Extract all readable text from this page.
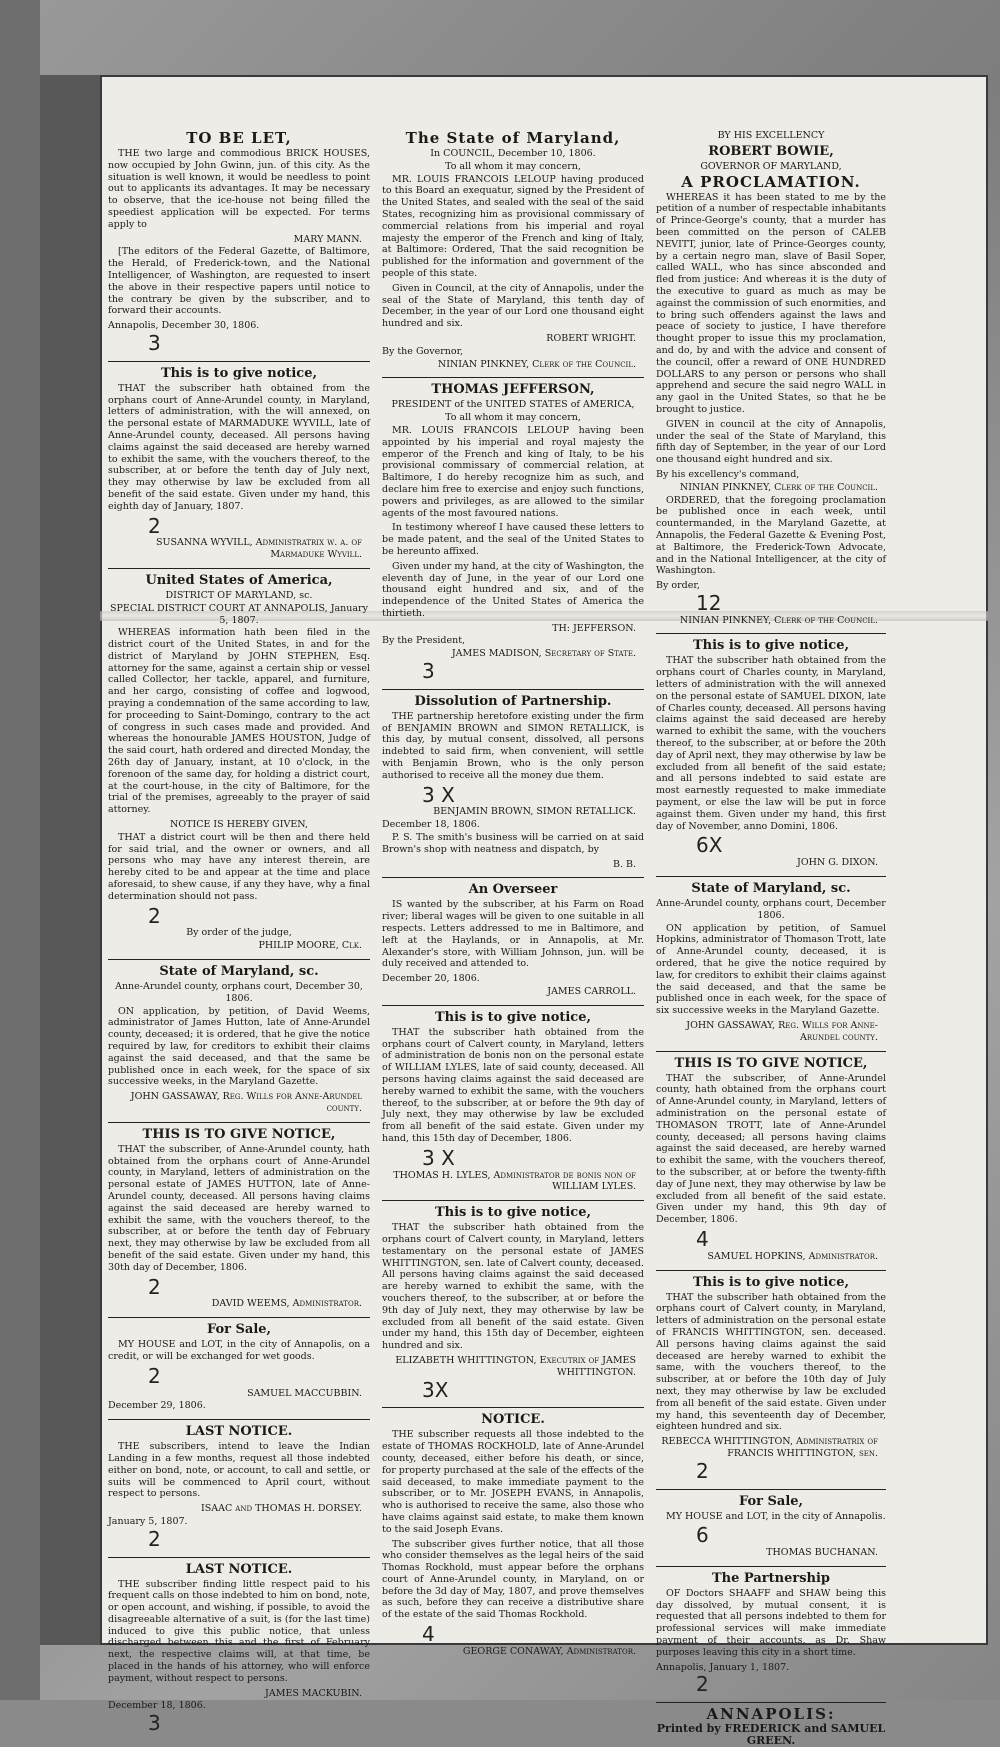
TO BE LET,
THE two large and commodious BRICK HOUSES, now occupied by John Gwinn, jun. of this city. As the situation is well known, it would be needless to point out to applicants its advantages. It may be necessary to observe, that the ice-house not being filled the speediest application will be expected. For terms apply to
MARY MANN.
[The editors of the Federal Gazette, of Baltimore, the Herald, of Frederick-town, and the National Intelligencer, of Washington, are requested to insert the above in their respective papers until notice to the contrary be given by the subscriber, and to forward their accounts.
Annapolis, December 30, 1806.
3
This is to give notice,
THAT the subscriber hath obtained from the orphans court of Anne-Arundel county, in Maryland, letters of administration, with the will annexed, on the personal estate of MARMADUKE WYVILL, late of Anne-Arundel county, deceased. All persons having claims against the said deceased are hereby warned to exhibit the same, with the vouchers thereof, to the subscriber, at or before the tenth day of July next, they may otherwise by law be excluded from all benefit of the said estate. Given under my hand, this eighth day of January, 1807.
2
SUSANNA WYVILL, Administratrix w. a. of Marmaduke Wyvill.
United States of America,
DISTRICT OF MARYLAND, sc.
SPECIAL DISTRICT COURT AT ANNAPOLIS, January 5, 1807.
WHEREAS information hath been filed in the district court of the United States, in and for the district of Maryland by JOHN STEPHEN, Esq. attorney for the same, against a certain ship or vessel called Collector, her tackle, apparel, and furniture, and her cargo, consisting of coffee and logwood, praying a condemnation of the same according to law, for proceeding to Saint-Domingo, contrary to the act of congress in such cases made and provided. And whereas the honourable JAMES HOUSTON, Judge of the said court, hath ordered and directed Monday, the 26th day of January, instant, at 10 o'clock, in the forenoon of the same day, for holding a district court, at the court-house, in the city of Baltimore, for the trial of the premises, agreeably to the prayer of said attorney.
NOTICE IS HEREBY GIVEN,
THAT a district court will be then and there held for said trial, and the owner or owners, and all persons who may have any interest therein, are hereby cited to be and appear at the time and place aforesaid, to shew cause, if any they have, why a final determination should not pass.
2
By order of the judge,
PHILIP MOORE, Clk.
State of Maryland, sc.
Anne-Arundel county, orphans court, December 30, 1806.
ON application, by petition, of David Weems, administrator of James Hutton, late of Anne-Arundel county, deceased; it is ordered, that he give the notice required by law, for creditors to exhibit their claims against the said deceased, and that the same be published once in each week, for the space of six successive weeks, in the Maryland Gazette.
JOHN GASSAWAY, Reg. Wills for Anne-Arundel county.
THIS IS TO GIVE NOTICE,
THAT the subscriber, of Anne-Arundel county, hath obtained from the orphans court of Anne-Arundel county, in Maryland, letters of administration on the personal estate of JAMES HUTTON, late of Anne-Arundel county, deceased. All persons having claims against the said deceased are hereby warned to exhibit the same, with the vouchers thereof, to the subscriber, at or before the tenth day of February next, they may otherwise by law be excluded from all benefit of the said estate. Given under my hand, this 30th day of December, 1806.
2
DAVID WEEMS, Administrator.
For Sale,
MY HOUSE and LOT, in the city of Annapolis, on a credit, or will be exchanged for wet goods.
2
SAMUEL MACCUBBIN.
December 29, 1806.
LAST NOTICE.
THE subscribers, intend to leave the Indian Landing in a few months, request all those indebted either on bond, note, or account, to call and settle, or suits will be commenced to April court, without respect to persons.
ISAAC and THOMAS H. DORSEY.
January 5, 1807.
2
LAST NOTICE.
THE subscriber finding little respect paid to his frequent calls on those indebted to him on bond, note, or open account, and wishing, if possible, to avoid the disagreeable alternative of a suit, is (for the last time) induced to give this public notice, that unless discharged between this and the first of February next, the respective claims will, at that time, be placed in the hands of his attorney, who will enforce payment, without respect to persons.
JAMES MACKUBIN.
December 18, 1806.
3
The State of Maryland,
In COUNCIL, December 10, 1806.
To all whom it may concern,
MR. LOUIS FRANCOIS LELOUP having produced to this Board an exequatur, signed by the President of the United States, and sealed with the seal of the said States, recognizing him as provisional commissary of commercial relations from his imperial and royal majesty the emperor of the French and king of Italy, at Baltimore: Ordered, That the said recognition be published for the information and government of the people of this state.
Given in Council, at the city of Annapolis, under the seal of the State of Maryland, this tenth day of December, in the year of our Lord one thousand eight hundred and six.
ROBERT WRIGHT.
By the Governor,
NINIAN PINKNEY, Clerk of the Council.
THOMAS JEFFERSON,
PRESIDENT of the UNITED STATES of AMERICA,
To all whom it may concern,
MR. LOUIS FRANCOIS LELOUP having been appointed by his imperial and royal majesty the emperor of the French and king of Italy, to be his provisional commissary of commercial relation, at Baltimore, I do hereby recognize him as such, and declare him free to exercise and enjoy such functions, powers and privileges, as are allowed to the similar agents of the most favoured nations.
In testimony whereof I have caused these letters to be made patent, and the seal of the United States to be hereunto affixed.
Given under my hand, at the city of Washington, the eleventh day of June, in the year of our Lord one thousand eight hundred and six, and of the independence of the United States of America the thirtieth.
TH: JEFFERSON.
By the President,
JAMES MADISON, Secretary of State.
3
Dissolution of Partnership.
THE partnership heretofore existing under the firm of BENJAMIN BROWN and SIMON RETALLICK, is this day, by mutual consent, dissolved, all persons indebted to said firm, when convenient, will settle with Benjamin Brown, who is the only person authorised to receive all the money due them.
3 X
BENJAMIN BROWN, SIMON RETALLICK.
December 18, 1806.
P. S. The smith's business will be carried on at said Brown's shop with neatness and dispatch, by
B. B.
An Overseer
IS wanted by the subscriber, at his Farm on Road river; liberal wages will be given to one suitable in all respects. Letters addressed to me in Baltimore, and left at the Haylands, or in Annapolis, at Mr. Alexander's store, with William Johnson, jun. will be duly received and attended to.
December 20, 1806.
JAMES CARROLL.
This is to give notice,
THAT the subscriber hath obtained from the orphans court of Calvert county, in Maryland, letters of administration de bonis non on the personal estate of WILLIAM LYLES, late of said county, deceased. All persons having claims against the said deceased are hereby warned to exhibit the same, with the vouchers thereof, to the subscriber, at or before the 9th day of July next, they may otherwise by law be excluded from all benefit of the said estate. Given under my hand, this 15th day of December, 1806.
3 X
THOMAS H. LYLES, Administrator de bonis non of WILLIAM LYLES.
This is to give notice,
THAT the subscriber hath obtained from the orphans court of Calvert county, in Maryland, letters testamentary on the personal estate of JAMES WHITTINGTON, sen. late of Calvert county, deceased. All persons having claims against the said deceased are hereby warned to exhibit the same, with the vouchers thereof, to the subscriber, at or before the 9th day of July next, they may otherwise by law be excluded from all benefit of the said estate. Given under my hand, this 15th day of December, eighteen hundred and six.
ELIZABETH WHITTINGTON, Executrix of JAMES WHITTINGTON.
3X
NOTICE.
THE subscriber requests all those indebted to the estate of THOMAS ROCKHOLD, late of Anne-Arundel county, deceased, either before his death, or since, for property purchased at the sale of the effects of the said deceased, to make immediate payment to the subscriber, or to Mr. JOSEPH EVANS, in Annapolis, who is authorised to receive the same, also those who have claims against said estate, to make them known to the said Joseph Evans.
The subscriber gives further notice, that all those who consider themselves as the legal heirs of the said Thomas Rockhold, must appear before the orphans court of Anne-Arundel county, in Maryland, on or before the 3d day of May, 1807, and prove themselves as such, before they can receive a distributive share of the estate of the said Thomas Rockhold.
4
GEORGE CONAWAY, Administrator.
BY HIS EXCELLENCY
ROBERT BOWIE,
GOVERNOR OF MARYLAND,
A PROCLAMATION.
WHEREAS it has been stated to me by the petition of a number of respectable inhabitants of Prince-George's county, that a murder has been committed on the person of CALEB NEVITT, junior, late of Prince-Georges county, by a certain negro man, slave of Basil Soper, called WALL, who has since absconded and fled from justice: And whereas it is the duty of the executive to guard as much as may be against the commission of such enormities, and to bring such offenders against the laws and peace of society to justice, I have therefore thought proper to issue this my proclamation, and do, by and with the advice and consent of the council, offer a reward of ONE HUNDRED DOLLARS to any person or persons who shall apprehend and secure the said negro WALL in any gaol in the United States, so that he be brought to justice.
GIVEN in council at the city of Annapolis, under the seal of the State of Maryland, this fifth day of September, in the year of our Lord one thousand eight hundred and six.
By his excellency's command,
NINIAN PINKNEY, Clerk of the Council.
ORDERED, that the foregoing proclamation be published once in each week, until countermanded, in the Maryland Gazette, at Annapolis, the Federal Gazette & Evening Post, at Baltimore, the Frederick-Town Advocate, and in the National Intelligencer, at the city of Washington.
By order,
12
NINIAN PINKNEY, Clerk of the Council.
This is to give notice,
THAT the subscriber hath obtained from the orphans court of Charles county, in Maryland, letters of administration with the will annexed on the personal estate of SAMUEL DIXON, late of Charles county, deceased. All persons having claims against the said deceased are hereby warned to exhibit the same, with the vouchers thereof, to the subscriber, at or before the 20th day of April next, they may otherwise by law be excluded from all benefit of the said estate; and all persons indebted to said estate are most earnestly requested to make immediate payment, or else the law will be put in force against them. Given under my hand, this first day of November, anno Domini, 1806.
6X
JOHN G. DIXON.
State of Maryland, sc.
Anne-Arundel county, orphans court, December 1806.
ON application by petition, of Samuel Hopkins, administrator of Thomason Trott, late of Anne-Arundel county, deceased, it is ordered, that he give the notice required by law, for creditors to exhibit their claims against the said deceased, and that the same be published once in each week, for the space of six successive weeks in the Maryland Gazette.
JOHN GASSAWAY, Reg. Wills for Anne-Arundel county.
THIS IS TO GIVE NOTICE,
THAT the subscriber, of Anne-Arundel county, hath obtained from the orphans court of Anne-Arundel county, in Maryland, letters of administration on the personal estate of THOMASON TROTT, late of Anne-Arundel county, deceased; all persons having claims against the said deceased, are hereby warned to exhibit the same, with the vouchers thereof, to the subscriber, at or before the twenty-fifth day of June next, they may otherwise by law be excluded from all benefit of the said estate. Given under my hand, this 9th day of December, 1806.
4
SAMUEL HOPKINS, Administrator.
This is to give notice,
THAT the subscriber hath obtained from the orphans court of Calvert county, in Maryland, letters of administration on the personal estate of FRANCIS WHITTINGTON, sen. deceased. All persons having claims against the said deceased are hereby warned to exhibit the same, with the vouchers thereof, to the subscriber, at or before the 10th day of July next, they may otherwise by law be excluded from all benefit of the said estate. Given under my hand, this seventeenth day of December, eighteen hundred and six.
REBECCA WHITTINGTON, Administratrix of FRANCIS WHITTINGTON, sen.
2
For Sale,
MY HOUSE and LOT, in the city of Annapolis.
6
THOMAS BUCHANAN.
The Partnership
OF Doctors SHAAFF and SHAW being this day dissolved, by mutual consent, it is requested that all persons indebted to them for professional services will make immediate payment of their accounts, as Dr. Shaw purposes leaving this city in a short time.
Annapolis, January 1, 1807.
2
ANNAPOLIS:
Printed by FREDERICK and SAMUEL GREEN.
